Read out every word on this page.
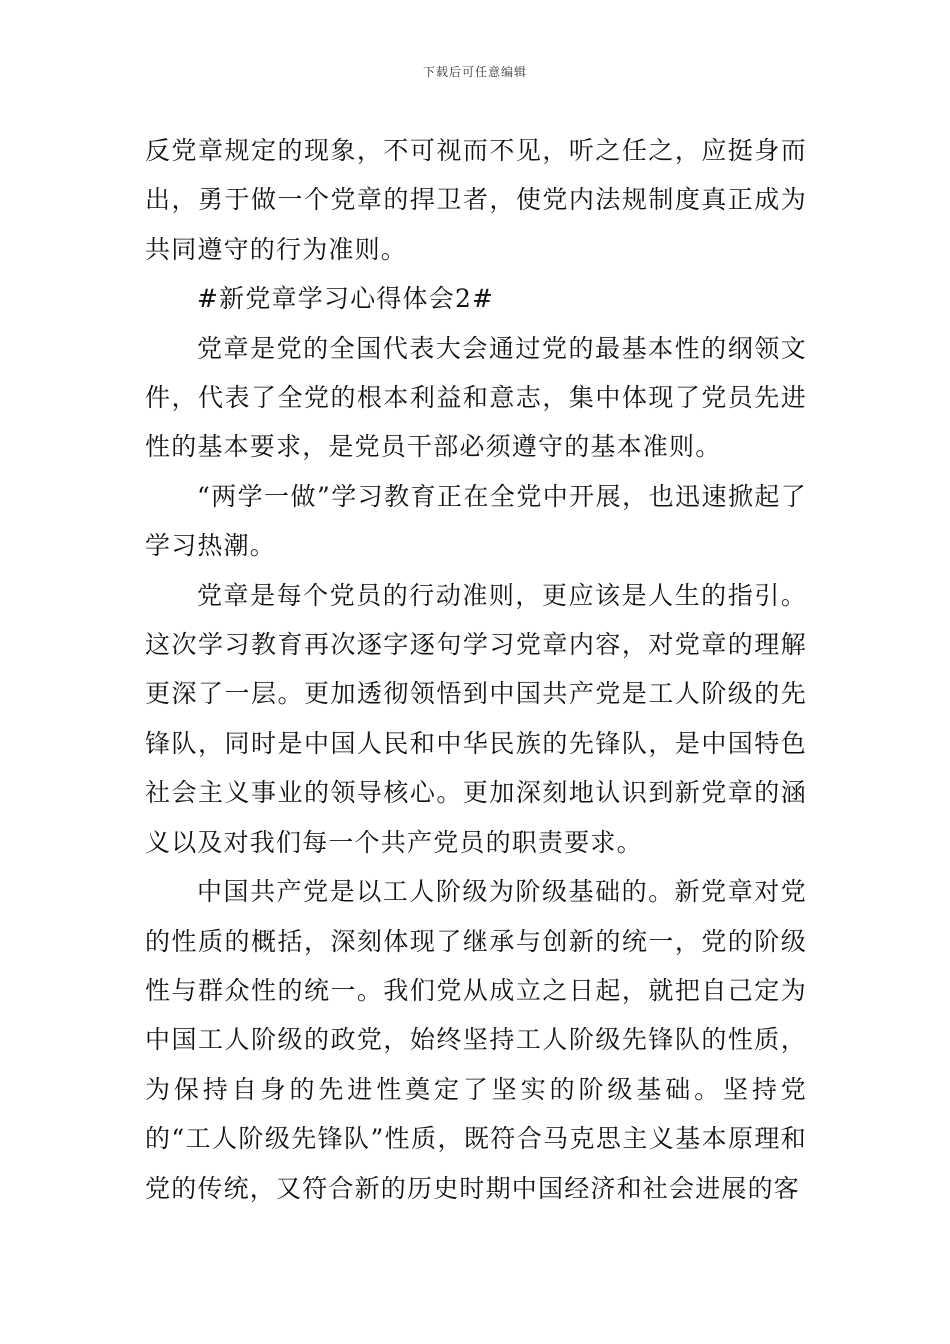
下载后可任意编辑

反党章规定的现象，不可视而不见，听之任之，应挺身而出，勇于做一个党章的捍卫者，使党内法规制度真正成为共同遵守的行为准则。

#新党章学习心得体会2#

党章是党的全国代表大会通过党的最基本性的纲领文件，代表了全党的根本利益和意志，集中体现了党员先进性的基本要求，是党员干部必须遵守的基本准则。

“两学一做”学习教育正在全党中开展，也迅速掀起了学习热潮。

党章是每个党员的行动准则，更应该是人生的指引。这次学习教育再次逐字逐句学习党章内容，对党章的理解更深了一层。更加透彻领悟到中国共产党是工人阶级的先锋队，同时是中国人民和中华民族的先锋队，是中国特色社会主义事业的领导核心。更加深刻地认识到新党章的涵义以及对我们每一个共产党员的职责要求。

中国共产党是以工人阶级为阶级基础的。新党章对党的性质的概括，深刻体现了继承与创新的统一，党的阶级性与群众性的统一。我们党从成立之日起，就把自己定为中国工人阶级的政党，始终坚持工人阶级先锋队的性质，为保持自身的先进性奠定了坚实的阶级基础。坚持党的“工人阶级先锋队”性质，既符合马克思主义基本原理和党的传统，又符合新的历史时期中国经济和社会进展的客
